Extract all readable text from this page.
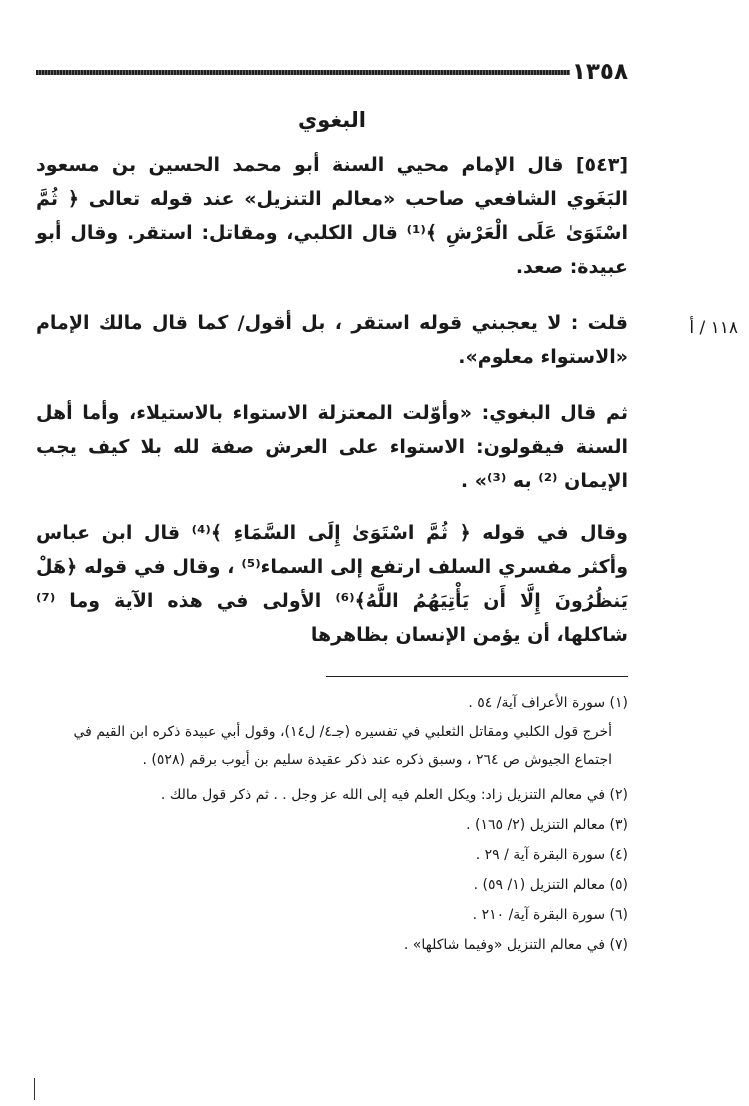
١٣٥٨
البغوي

[٥٤٣] قال الإمام محيي السنة أبو محمد الحسين بن مسعود البَغَوي الشافعي صاحب «معالم التنزيل» عند قوله تعالى ﴿ ثُمَّ اسْتَوَىٰ عَلَى الْعَرْشِ ﴾⁽¹⁾ قال الكلبي، ومقاتل: استقر. وقال أبو عبيدة: صعد.

قلت : لا يعجبني قوله استقر ، بل أقول/ كما قال مالك الإمام «الاستواء معلوم».

ثم قال البغوي: «وأوّلت المعتزلة الاستواء بالاستيلاء، وأما أهل السنة فيقولون: الاستواء على العرش صفة لله بلا كيف يجب الإيمان ⁽²⁾ به ⁽³⁾» .

وقال في قوله ﴿ ثُمَّ اسْتَوَىٰ إِلَى السَّمَاءِ ﴾⁽⁴⁾ قال ابن عباس وأكثر مفسري السلف ارتفع إلى السماء⁽⁵⁾ ، وقال في قوله ﴿هَلْ يَنظُرُونَ إِلَّا أَن يَأْتِيَهُمُ اللَّهُ﴾⁽⁶⁾ الأولى في هذه الآية وما ⁽⁷⁾ شاكلها، أن يؤمن الإنسان بظاهرها

١١٨ / أ

(١) سورة الأعراف آية/ ٥٤ .

أخرج قول الكلبي ومقاتل الثعلبي في تفسيره (جـ٤/ ل١٤)، وقول أبي عبيدة ذكره ابن القيم في اجتماع الجيوش ص ٢٦٤ ، وسبق ذكره عند ذكر عقيدة سليم بن أيوب برقم (٥٢٨) .

(٢) في معالم التنزيل زاد: ويكل العلم فيه إلى الله عز وجل . . ثم ذكر قول مالك .

(٣) معالم التنزيل (٢/ ١٦٥) .

(٤) سورة البقرة آية / ٢٩ .

(٥) معالم التنزيل (١/ ٥٩) .

(٦) سورة البقرة آية/ ٢١٠ .

(٧) في معالم التنزيل «وفيما شاكلها» .
